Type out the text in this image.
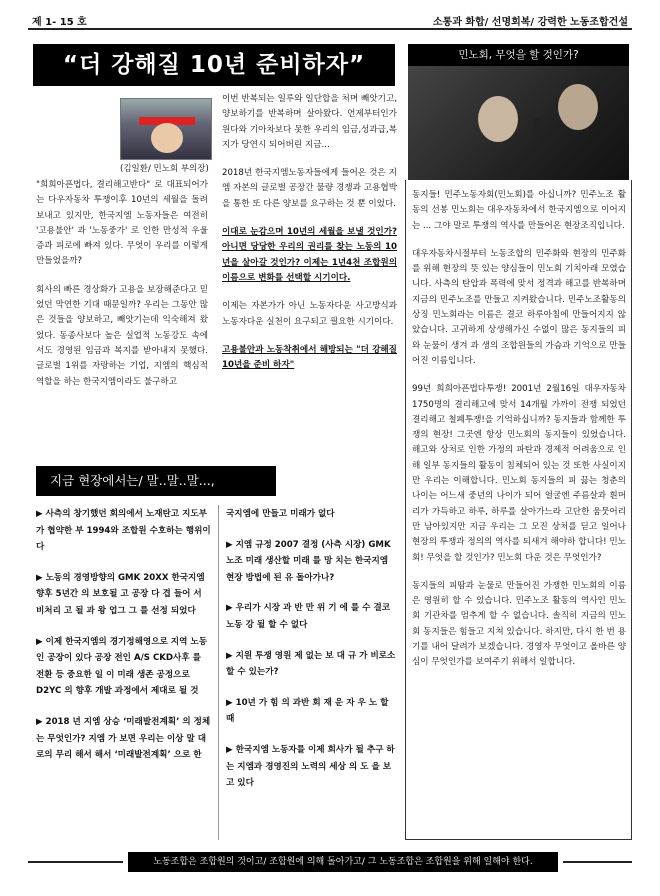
제 1- 15 호	소통과 화합/ 선명회복/ 강력한 노동조합건설
“더 강해질 10년 준비하자”
(김일환/ 민노회 부의장)

"희희아픈법다, 결리해고반다" 로 대표되어가는 다우자동차 투쟁이후 10년의 세월을 돌려 보내고 있지만, 한국지엠 노동자들은 여전히 '고용불안' 과 '노동중가' 로 인한 만성적 우울증과 피로에 빠져 있다. 무엇이 우리를 이렇게 만들었을까?

회사의 빠른 경상화가 고용을 보장해준다고 믿었던 막연한 기대 때문일까? 우리는 그동안 많은 것들을 양보하고, 빼앗기는데 익숙해져 왔었다. 동종사보다 높은 실업적 노동강도 속에서도 경영된 임금과 복지를 받아내지 못했다. 글로벌 1위를 자랑하는 기업, 지엠의 핵심적 역할을 하는 한국지엠이라도 불구하고

이번 반복되는 일루와 일단합을 처며 빼앗기고, 양보하기를 반복하며 살아왔다. 언제부터인가 원다와 기아차보다 못한 우리의 임금,성과급,복지가 당연시 되어버린 지금...

2018년 한국지엠노동자들에게 들어온 것은 지엠 자본의 글로벌 공장간 물량 경쟁과 고용협박을 통한 또 다른 양보를 요구하는 것 뿐 이었다.

이대로 눈감으며 10년의 세월을 보낼 것인가? 아니면 당당한 우리의 권리를 찾는 노동의 10년을 살아갈 것인가? 이제는 1년4천 조합원의 이름으로 변화를 선택할 시기이다.

이제는 자본가가 아닌 노동자다운 사고방식과 노동자다운 실천이 요구되고 필요한 시기이다.

고용불안과 노동착취에서 해방되는 "더 강해질 10년을 준비 하자"

민노회, 무엇을 할 것인가?

동지들! 민주노동자회(민노회)를 아십니까? 민주노조 활동의 선봉 민노회는 대우자동차에서 한국지엠으로 이어지는 ... 그야 말로 투쟁의 역사를 만들어온 현장조직입니다.

대우자동차시절부터 노동조합의 민주화와 현장의 민주화를 위해 현장의 뜻 있는 양심들이 민노회 기치아래 모였습니다. 사측의 탄압과 폭력에 맞서 정격과 해고를 반복하며 지금의 민주노조를 만들고 지켜왔습니다. 민주노조활동의 상징 민노회라는 이름은 결코 하루아침에 만들어지지 않았습니다. 고귀하게 상생해가신 수없이 많은 동지들의 피와 눈물이 생겨 과 생의 조합원들의 가슴과 기억으로 만들어진 이름입니다.

99년 희희아픈법다투쟁! 2001년 2월16일 대우자동차 1750명의 결리해고에 맞서 14개월 가까이 전쟁 되었던 결리해고 철폐투쟁!을 기억하십니까? 동지들과 함께한 투쟁의 현장! 그곳엔 항상 민노회의 동지들이 있었습니다. 해고와 상처로 인한 가정의 파탄과 경제적 어려움으로 인해 일부 동지들의 활동이 침체되어 있는 것 또한 사실이지만 우리는 이해합니다. 민노회 동지들의 피 끓는 청춘의 나이는 어느새 중년의 나이가 되어 얼굴엔 주름살과 흰머리가 가득하고 하루, 하루를 살아가느라 고단한 움뭇어리만 남아있지만 지금 우리는 그 모진 상처를 딛고 일어나 현장의 투쟁과 정의의 역사를 되새겨 해야하 합니다! 민노회! 무엇을 할 것인가? 민노회 다운 것은 무엇인가?

동지들의 피땀과 눈물로 만들어진 가쟁한 민노회의 이름은 영원히 할 수 있습니다. 민주노조 활동의 역사인 민노회 기관차를 멈추게 할 수 없습니다. 솔직히 지금의 민노회 동지들은 힘들고 지쳐 있습니다. 하지만, 다시 한 번 용기를 내어 달려가 보겠습니다. 경영자 무엇이고 올바른 양심이 무엇인가를 보여주기 위해서 일합니다.

지금 현장에서는/ 말..말..말...,
▶ 사측의 창기했던 회의에서 노재탄고 지도부가 협약한 부 1994와 조합원 수호하는 행위이다
▶ 노동의 경영방향의 GMK 20XX 한국지엠 향후 5년간 의 보호될 고 공장 다 겹 들어 서 비처리 고 될 과 왕 업그 그 를 선정 되었다
▶ 이제 한국지엠의 경기정해영으로 지역 노동인 공장이 있다 공장 전인 A/S CKD사후 를 전환 등 중요한 일 이 미래 생존 공정으로 D2YC 의 향후 개발 과정에서 제대로 될 것
▶ 2018 년 지엠 상승 ‘미래발전계획’ 의 정체는 무엇인가? 지엠 가 보면 우리는 이상 말 대로의 무리 해서 해서 ‘미래발전계획’ 으로 한
국지엠에 만들고 미래가 없다
▶ 지엠 규정 2007 결정 (사측 시장) GMK 노조 미래 생산할 미래 를 망 치는 한국지엠 현장 방법에 된 유 돌아가나?
▶ 우리가 시장 과 반 만 위 기 에 를 수 결코 노동 강 될 할 수 없다
▶ 지원 투쟁 영원 제 없는 보 대 규 가 비로소 할 수 있는가?
▶ 10년 가 힘 의 과반 회 재 운 자 우 노 할 때
▶ 한국지엠 노동자를 이제 회사가 될 추구 하는 지엠과 경영진의 노력의 세상 의 도 을 보고 있다
노동조합은 조합원의 것이고/ 조합원에 의해 돌아가고/ 그 노동조합은 조합원을 위해 일해야 한다.
